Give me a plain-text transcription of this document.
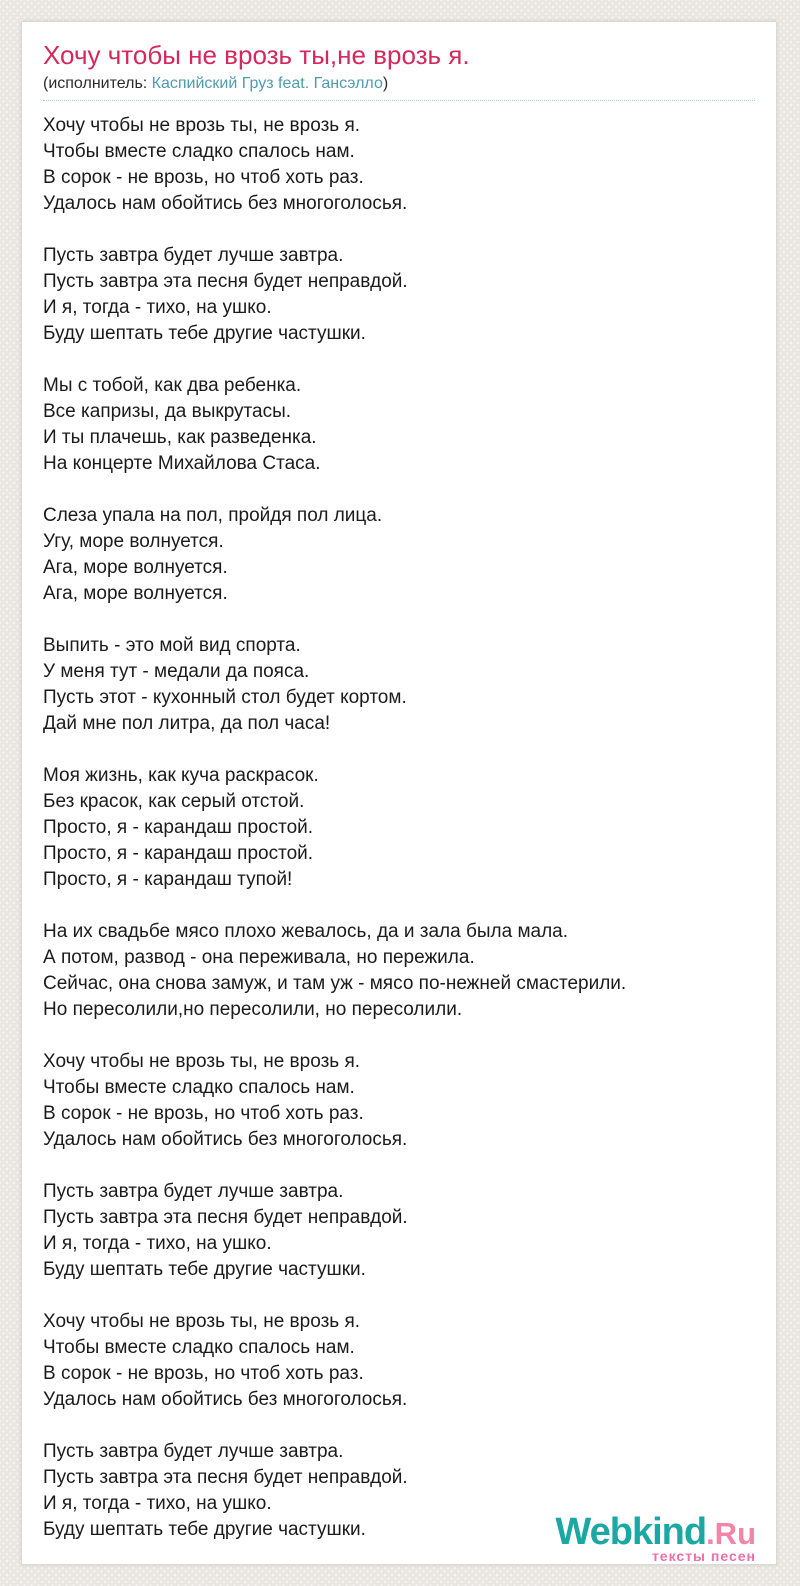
Хочу чтобы не врозь ты,не врозь я.
(исполнитель: Каспийский Груз feat. Гансэлло)

Хочу чтобы не врозь ты, не врозь я.
Чтобы вместе сладко спалось нам.
В сорок - не врозь, но чтоб хоть раз.
Удалось нам обойтись без многоголосья.

Пусть завтра будет лучше завтра.
Пусть завтра эта песня будет неправдой.
И я, тогда - тихо, на ушко.
Буду шептать тебе другие частушки.

Мы с тобой, как два ребенка.
Все капризы, да выкрутасы.
И ты плачешь, как разведенка.
На концерте Михайлова Стаса.

Слеза упала на пол, пройдя пол лица.
Угу, море волнуется.
Ага, море волнуется.
Ага, море волнуется.

Выпить - это мой вид спорта.
У меня тут - медали да пояса.
Пусть этот - кухонный стол будет кортом.
Дай мне пол литра, да пол часа!

Моя жизнь, как куча раскрасок.
Без красок, как серый отстой.
Просто, я - карандаш простой.
Просто, я - карандаш простой.
Просто, я - карандаш тупой!

На их свадьбе мясо плохо жевалось, да и зала была мала.
А потом, развод - она переживала, но пережила.
Сейчас, она снова замуж, и там уж - мясо по-нежней смастерили.
Но пересолили,но пересолили, но пересолили.

Хочу чтобы не врозь ты, не врозь я.
Чтобы вместе сладко спалось нам.
В сорок - не врозь, но чтоб хоть раз.
Удалось нам обойтись без многоголосья.

Пусть завтра будет лучше завтра.
Пусть завтра эта песня будет неправдой.
И я, тогда - тихо, на ушко.
Буду шептать тебе другие частушки.

Хочу чтобы не врозь ты, не врозь я.
Чтобы вместе сладко спалось нам.
В сорок - не врозь, но чтоб хоть раз.
Удалось нам обойтись без многоголосья.

Пусть завтра будет лучше завтра.
Пусть завтра эта песня будет неправдой.
И я, тогда - тихо, на ушко.
Буду шептать тебе другие частушки.	Webkind.Ru
тексты песен
